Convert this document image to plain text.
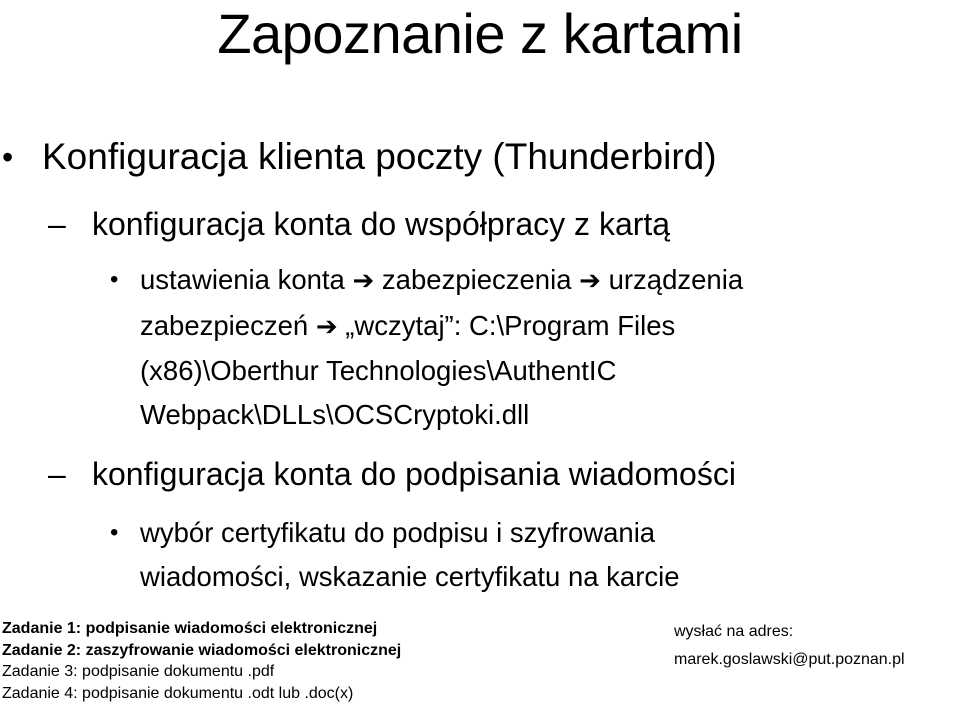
Zapoznanie z kartami
• Konfiguracja klienta poczty (Thunderbird)
– konfiguracja konta do współpracy z kartą
• ustawienia konta ➔ zabezpieczenia ➔ urządzenia
zabezpieczeń ➔ „wczytaj”: C:\Program Files
(x86)\Oberthur Technologies\AuthentIC
Webpack\DLLs\OCSCryptoki.dll
– konfiguracja konta do podpisania wiadomości
• wybór certyfikatu do podpisu i szyfrowania
wiadomości, wskazanie certyfikatu na karcie
Zadanie 1: podpisanie wiadomości elektronicznej
Zadanie 2: zaszyfrowanie wiadomości elektronicznej
Zadanie 3: podpisanie dokumentu .pdf
Zadanie 4: podpisanie dokumentu .odt lub .doc(x)
wysłać na adres:
marek.goslawski@put.poznan.pl
